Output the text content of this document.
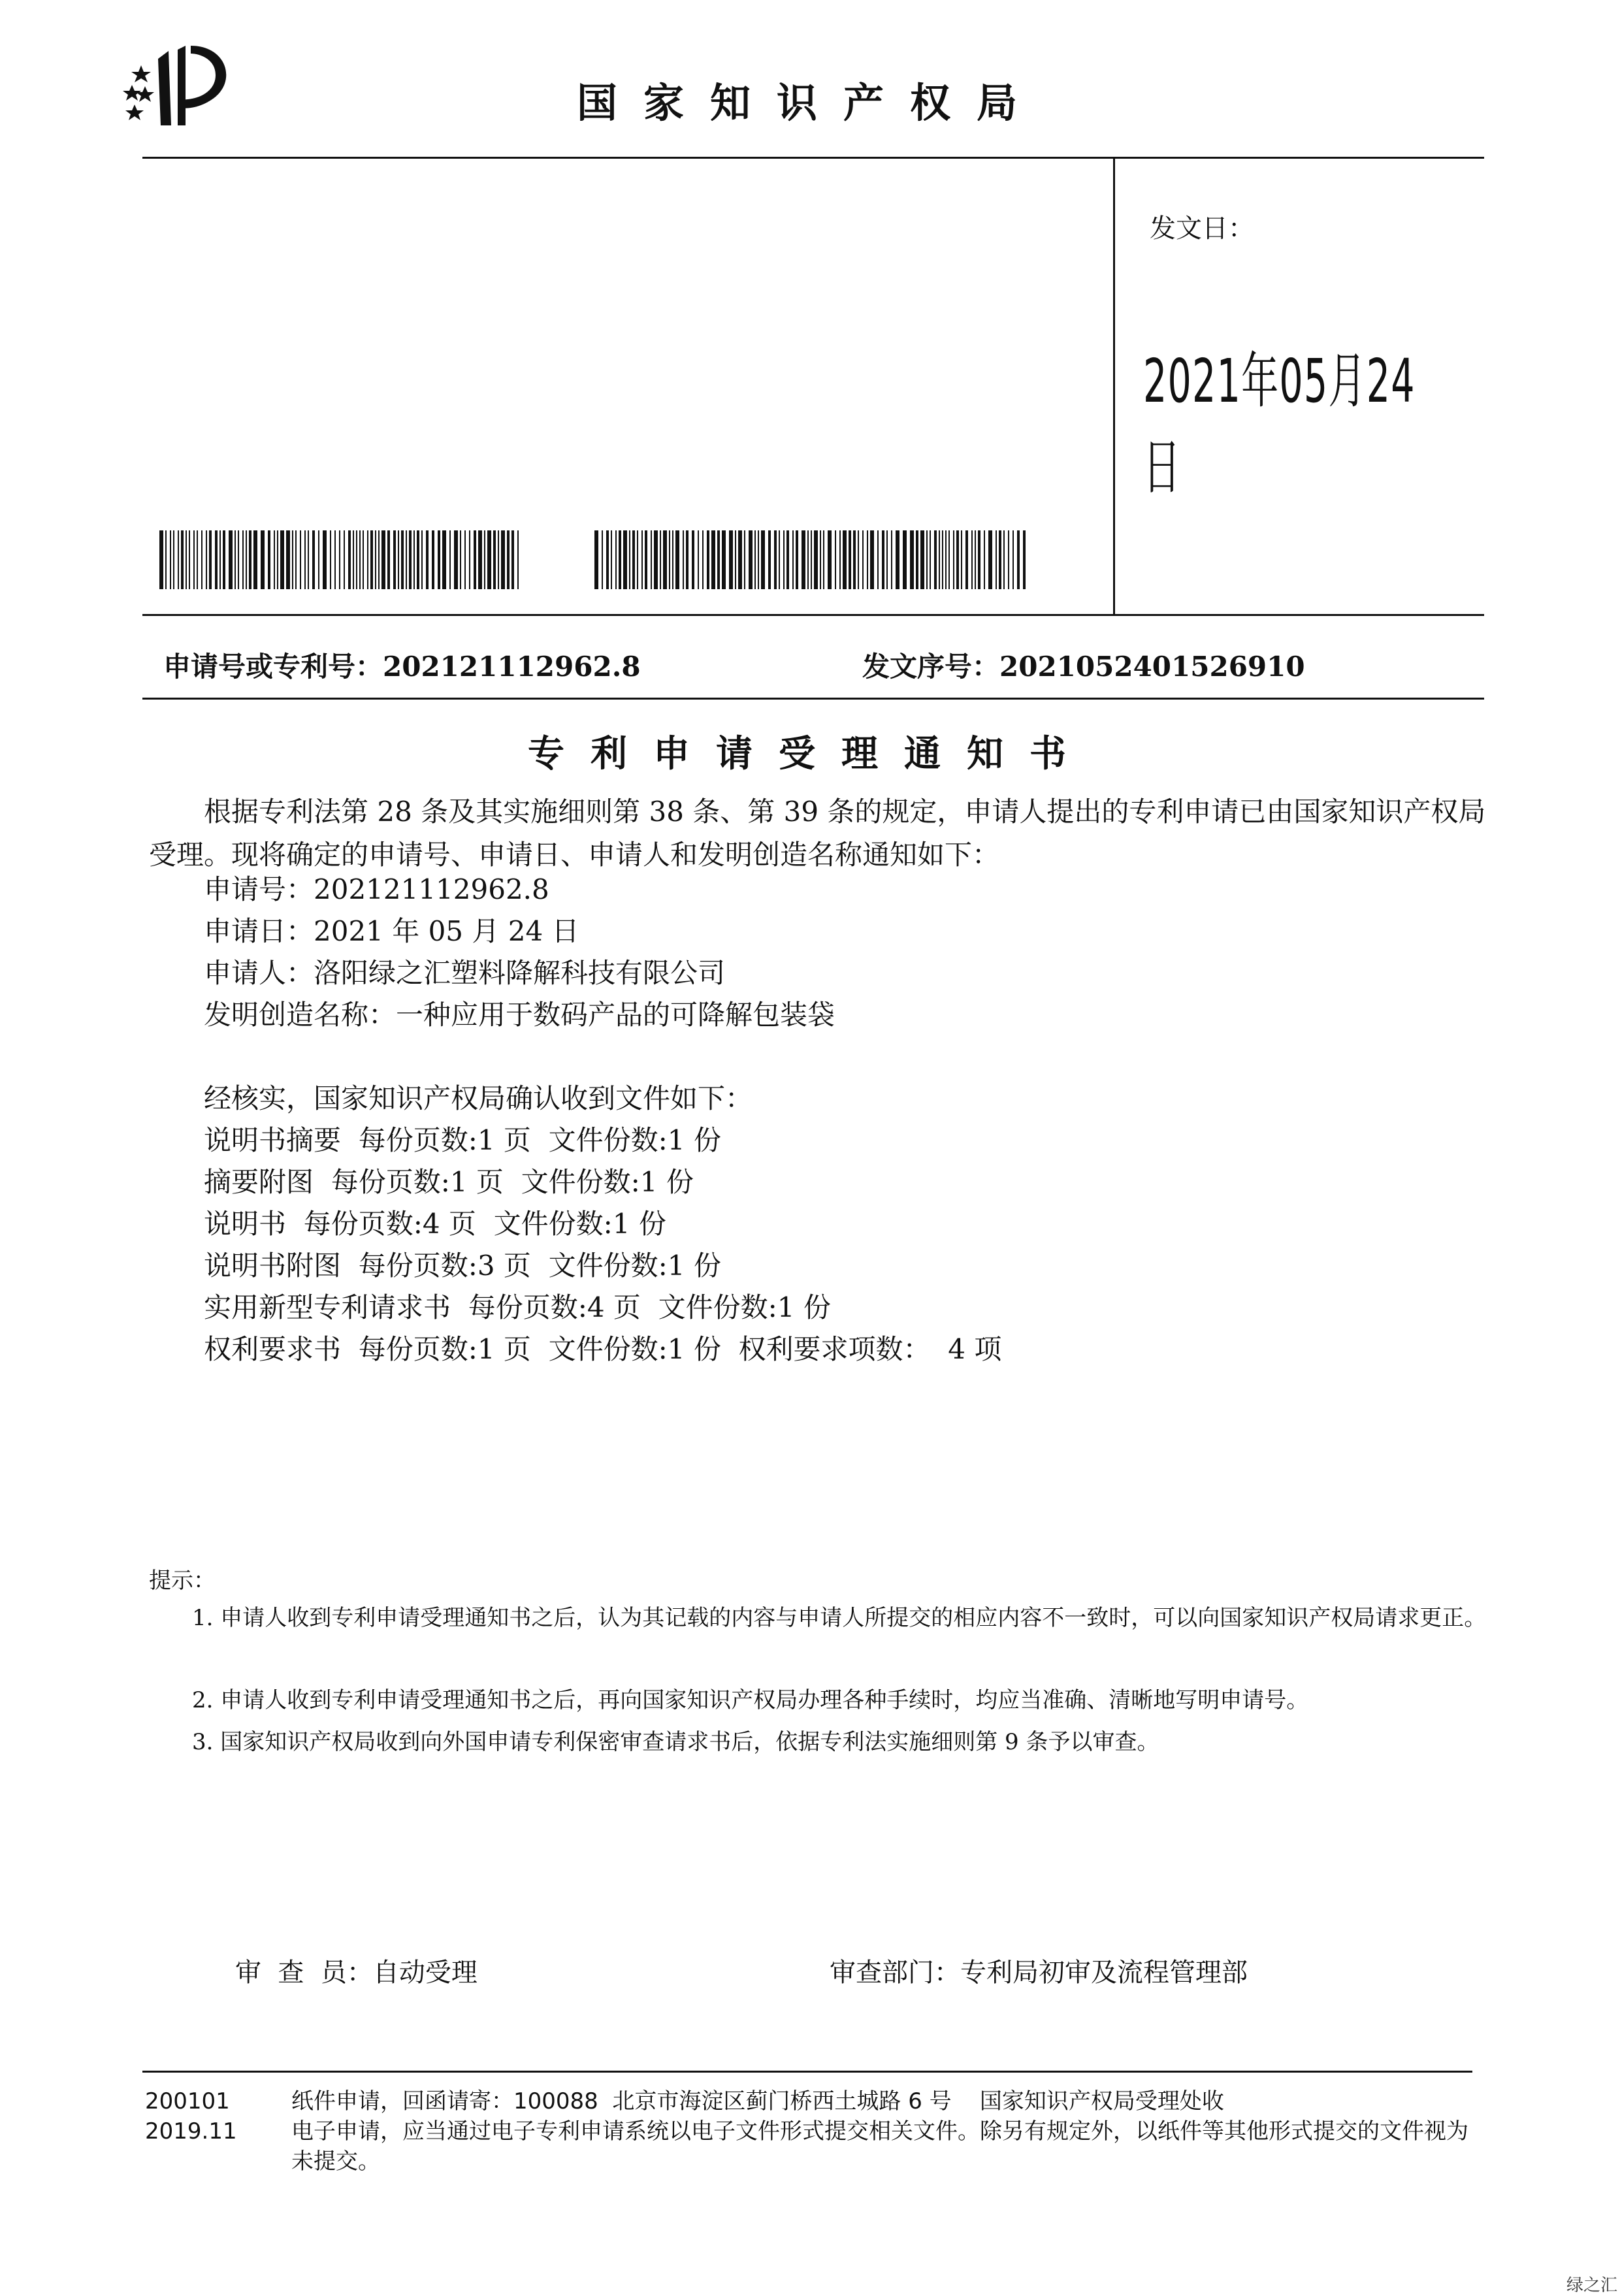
国家知识产权局
发文日：
2021年05月24日
申请号或专利号：202121112962.8	发文序号：2021052401526910
专利申请受理通知书
根据专利法第 28 条及其实施细则第 38 条、第 39 条的规定，申请人提出的专利申请已由国家知识产权局受理。现将确定的申请号、申请日、申请人和发明创造名称通知如下：
申请号：202121112962.8
申请日：2021 年 05 月 24 日
申请人：洛阳绿之汇塑料降解科技有限公司
发明创造名称：一种应用于数码产品的可降解包装袋
经核实，国家知识产权局确认收到文件如下：
说明书摘要  每份页数:1 页  文件份数:1 份
摘要附图  每份页数:1 页  文件份数:1 份
说明书  每份页数:4 页  文件份数:1 份
说明书附图  每份页数:3 页  文件份数:1 份
实用新型专利请求书  每份页数:4 页  文件份数:1 份
权利要求书  每份页数:1 页  文件份数:1 份  权利要求项数：  4 项
提示：
1. 申请人收到专利申请受理通知书之后，认为其记载的内容与申请人所提交的相应内容不一致时，可以向国家知识产权局请求更正。
2. 申请人收到专利申请受理通知书之后，再向国家知识产权局办理各种手续时，均应当准确、清晰地写明申请号。
3. 国家知识产权局收到向外国申请专利保密审查请求书后，依据专利法实施细则第 9 条予以审查。
审  查  员：自动受理	审查部门：专利局初审及流程管理部
200101
2019.11
纸件申请，回函请寄：100088  北京市海淀区蓟门桥西土城路 6 号    国家知识产权局受理处收
电子申请，应当通过电子专利申请系统以电子文件形式提交相关文件。除另有规定外，以纸件等其他形式提交的文件视为未提交。
绿之汇
